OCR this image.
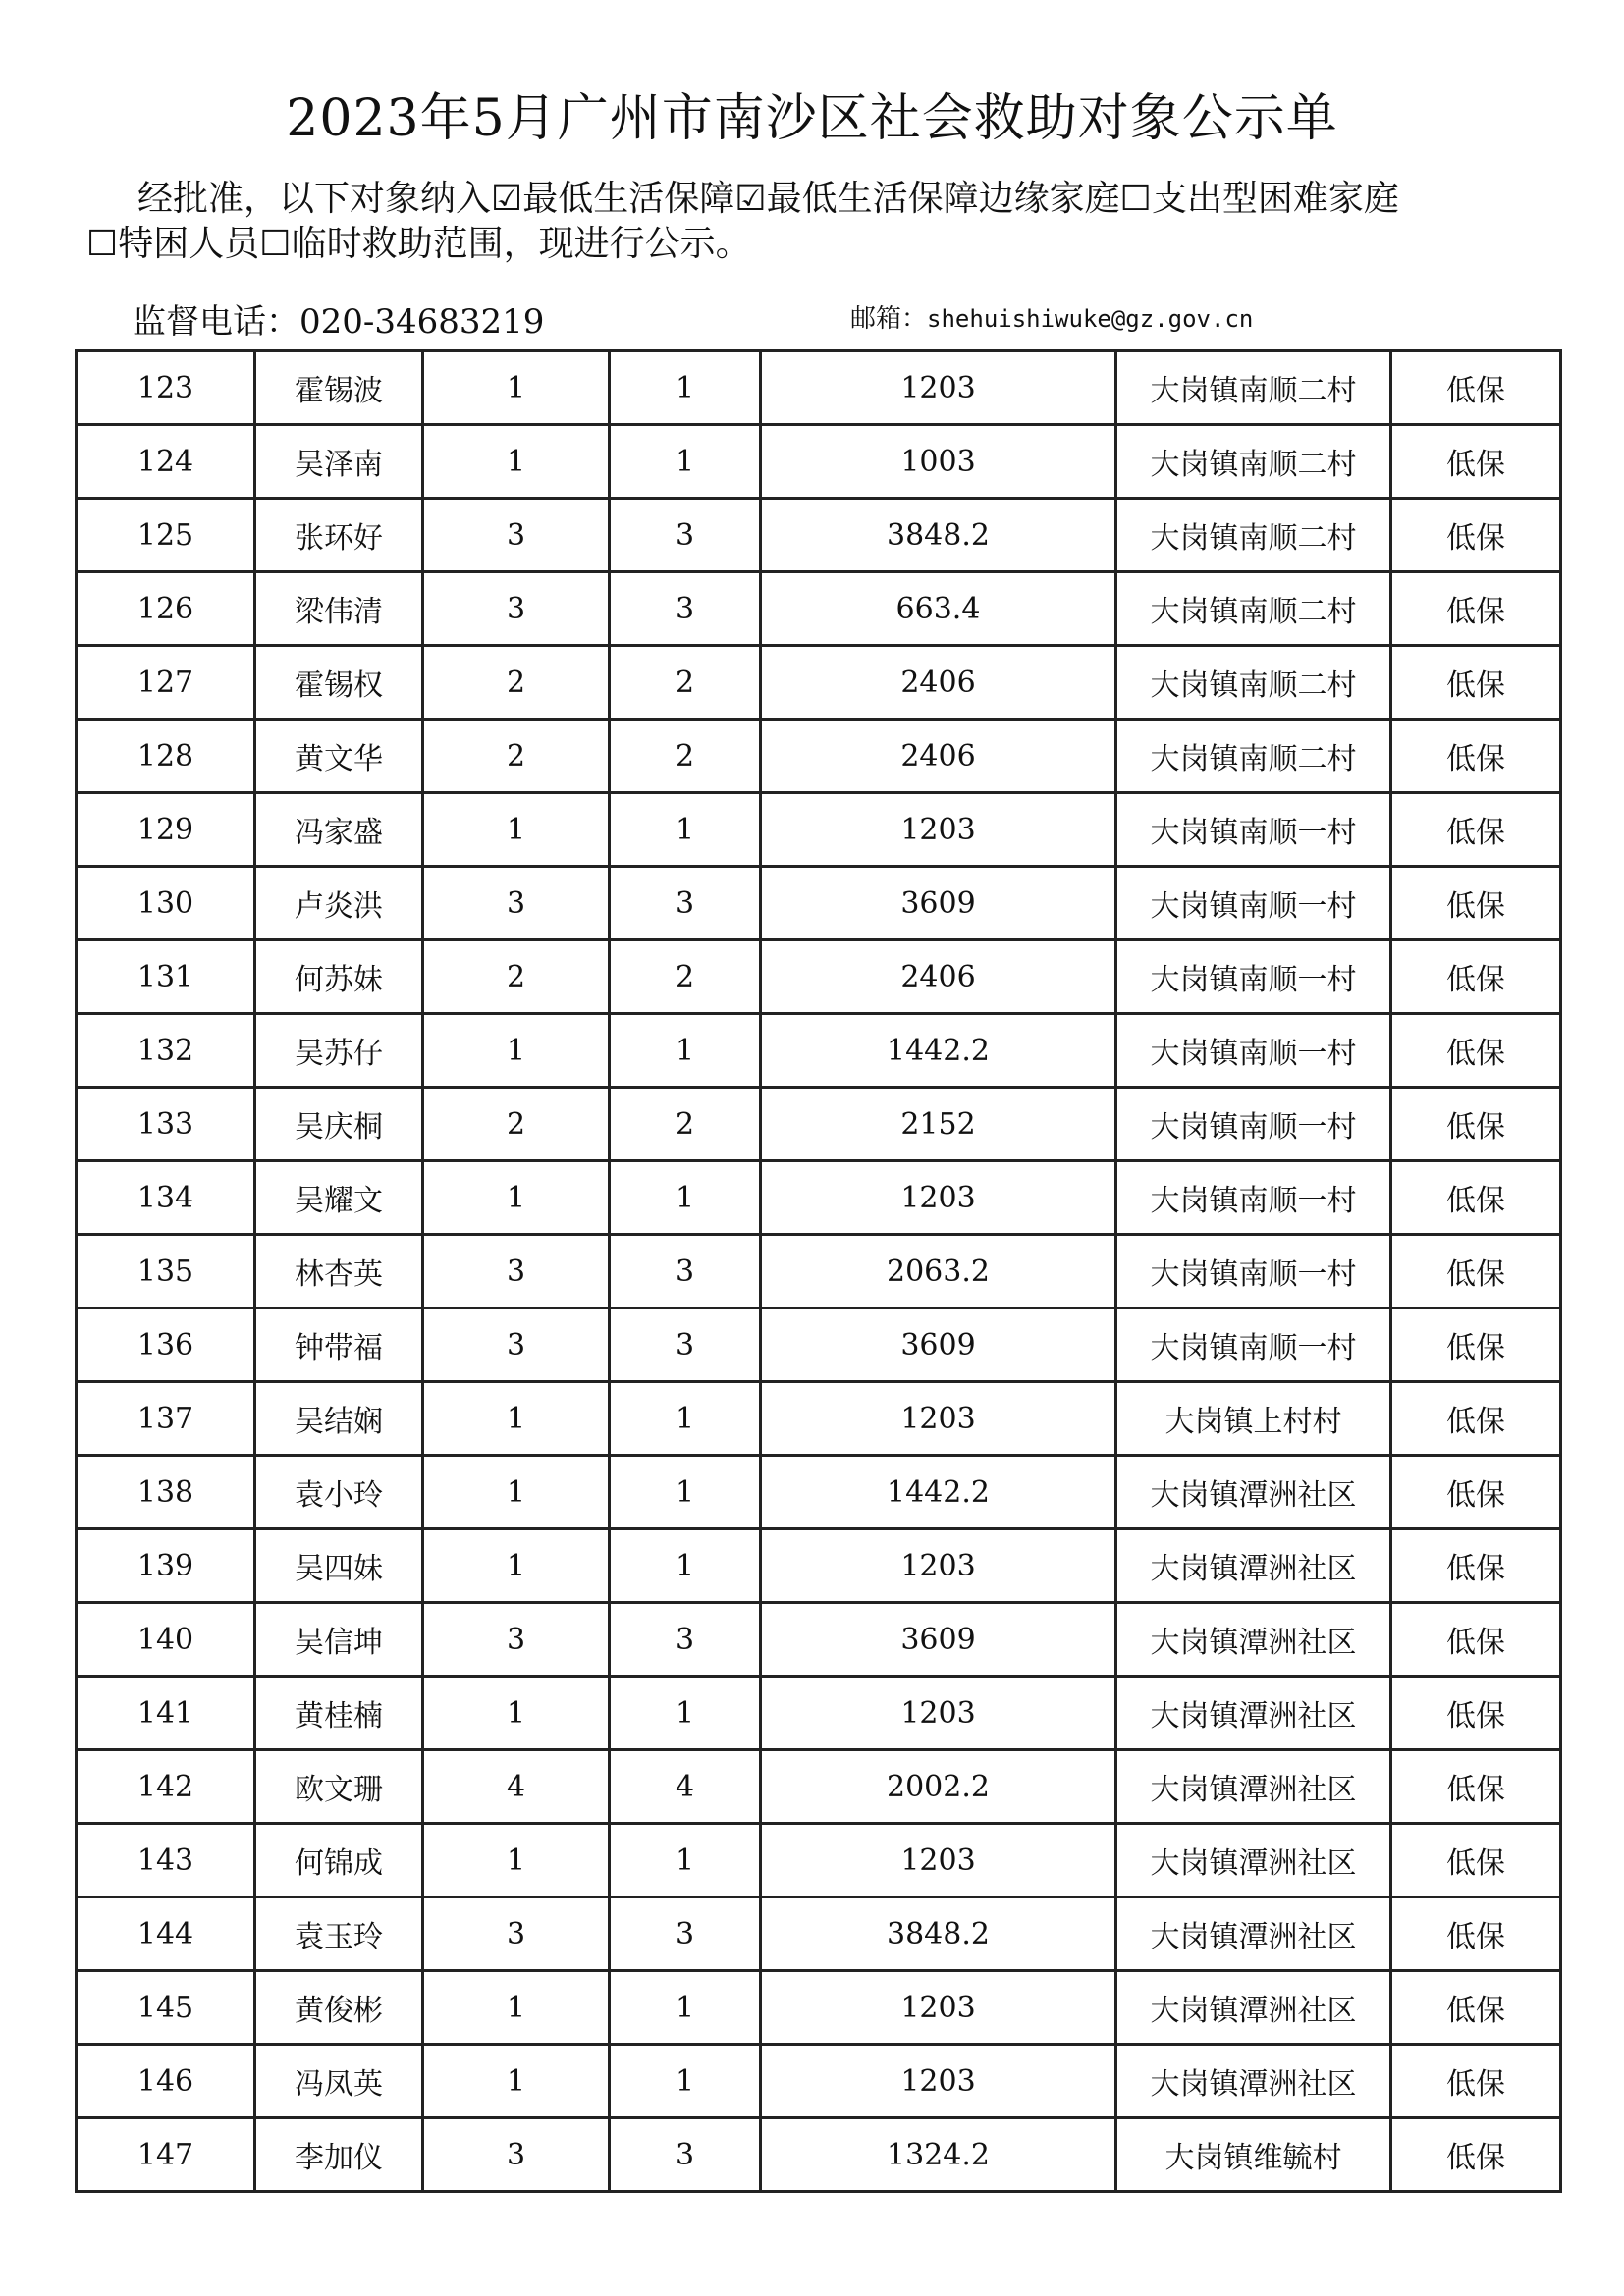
2023年5月广州市南沙区社会救助对象公示单
经批准，以下对象纳入☑最低生活保障☑最低生活保障边缘家庭☐支出型困难家庭
☐特困人员☐临时救助范围，现进行公示。
监督电话：020-34683219	邮箱：shehuishiwuke@gz.gov.cn
123	霍锡波	1	1	1203	大岗镇南顺二村	低保
124	吴泽南	1	1	1003	大岗镇南顺二村	低保
125	张环好	3	3	3848.2	大岗镇南顺二村	低保
126	梁伟清	3	3	663.4	大岗镇南顺二村	低保
127	霍锡权	2	2	2406	大岗镇南顺二村	低保
128	黄文华	2	2	2406	大岗镇南顺二村	低保
129	冯家盛	1	1	1203	大岗镇南顺一村	低保
130	卢炎洪	3	3	3609	大岗镇南顺一村	低保
131	何苏妹	2	2	2406	大岗镇南顺一村	低保
132	吴苏仔	1	1	1442.2	大岗镇南顺一村	低保
133	吴庆桐	2	2	2152	大岗镇南顺一村	低保
134	吴耀文	1	1	1203	大岗镇南顺一村	低保
135	林杏英	3	3	2063.2	大岗镇南顺一村	低保
136	钟带福	3	3	3609	大岗镇南顺一村	低保
137	吴结娴	1	1	1203	大岗镇上村村	低保
138	袁小玲	1	1	1442.2	大岗镇潭洲社区	低保
139	吴四妹	1	1	1203	大岗镇潭洲社区	低保
140	吴信坤	3	3	3609	大岗镇潭洲社区	低保
141	黄桂楠	1	1	1203	大岗镇潭洲社区	低保
142	欧文珊	4	4	2002.2	大岗镇潭洲社区	低保
143	何锦成	1	1	1203	大岗镇潭洲社区	低保
144	袁玉玲	3	3	3848.2	大岗镇潭洲社区	低保
145	黄俊彬	1	1	1203	大岗镇潭洲社区	低保
146	冯凤英	1	1	1203	大岗镇潭洲社区	低保
147	李加仪	3	3	1324.2	大岗镇维毓村	低保
